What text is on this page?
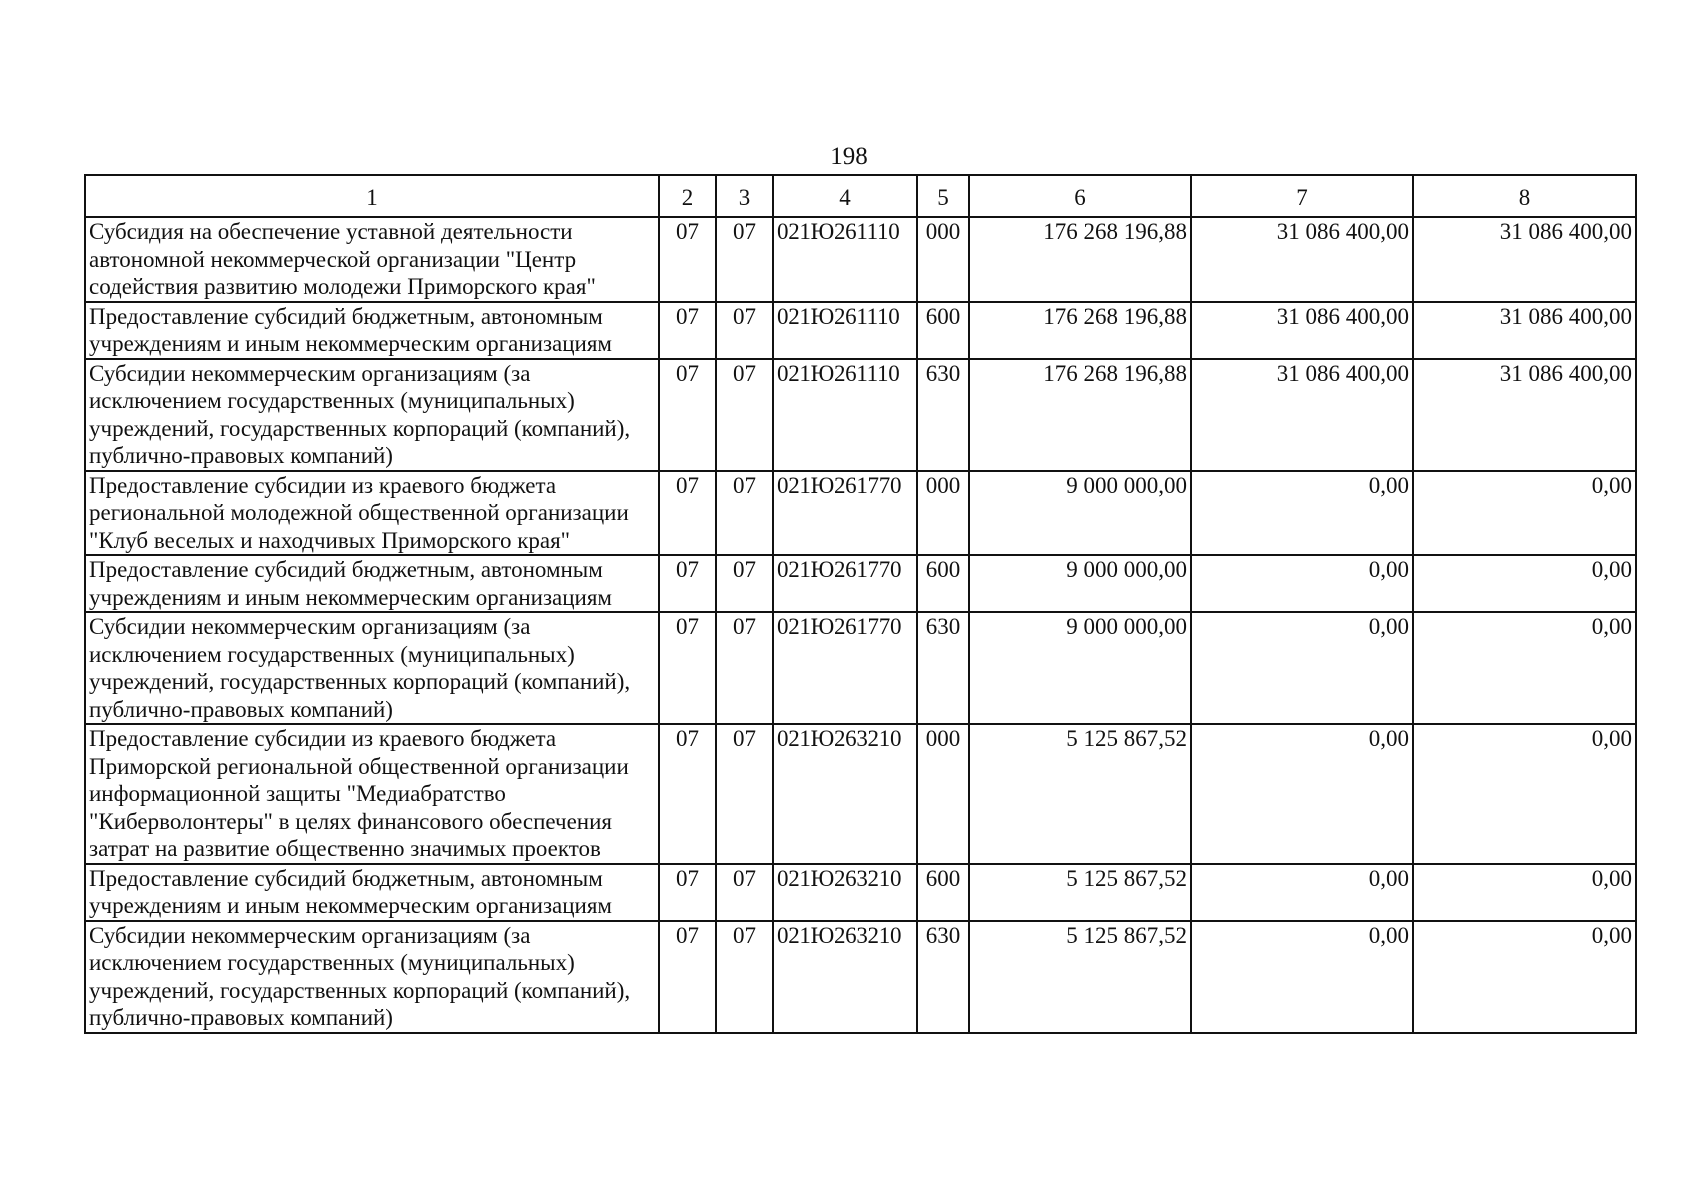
198
1	2	3	4	5	6	7	8
Субсидия на обеспечение уставной деятельности автономной некоммерческой организации "Центр содействия развитию молодежи Приморского края"	07	07	021Ю261110	000	176 268 196,88	31 086 400,00	31 086 400,00
Предоставление субсидий бюджетным, автономным учреждениям и иным некоммерческим организациям	07	07	021Ю261110	600	176 268 196,88	31 086 400,00	31 086 400,00
Субсидии некоммерческим организациям (за исключением государственных (муниципальных) учреждений, государственных корпораций (компаний), публично-правовых компаний)	07	07	021Ю261110	630	176 268 196,88	31 086 400,00	31 086 400,00
Предоставление субсидии из краевого бюджета региональной молодежной общественной организации "Клуб веселых и находчивых Приморского края"	07	07	021Ю261770	000	9 000 000,00	0,00	0,00
Предоставление субсидий бюджетным, автономным учреждениям и иным некоммерческим организациям	07	07	021Ю261770	600	9 000 000,00	0,00	0,00
Субсидии некоммерческим организациям (за исключением государственных (муниципальных) учреждений, государственных корпораций (компаний), публично-правовых компаний)	07	07	021Ю261770	630	9 000 000,00	0,00	0,00
Предоставление субсидии из краевого бюджета Приморской региональной общественной организации информационной защиты "Медиабратство "Киберволонтеры" в целях финансового обеспечения затрат на развитие общественно значимых проектов	07	07	021Ю263210	000	5 125 867,52	0,00	0,00
Предоставление субсидий бюджетным, автономным учреждениям и иным некоммерческим организациям	07	07	021Ю263210	600	5 125 867,52	0,00	0,00
Субсидии некоммерческим организациям (за исключением государственных (муниципальных) учреждений, государственных корпораций (компаний), публично-правовых компаний)	07	07	021Ю263210	630	5 125 867,52	0,00	0,00
